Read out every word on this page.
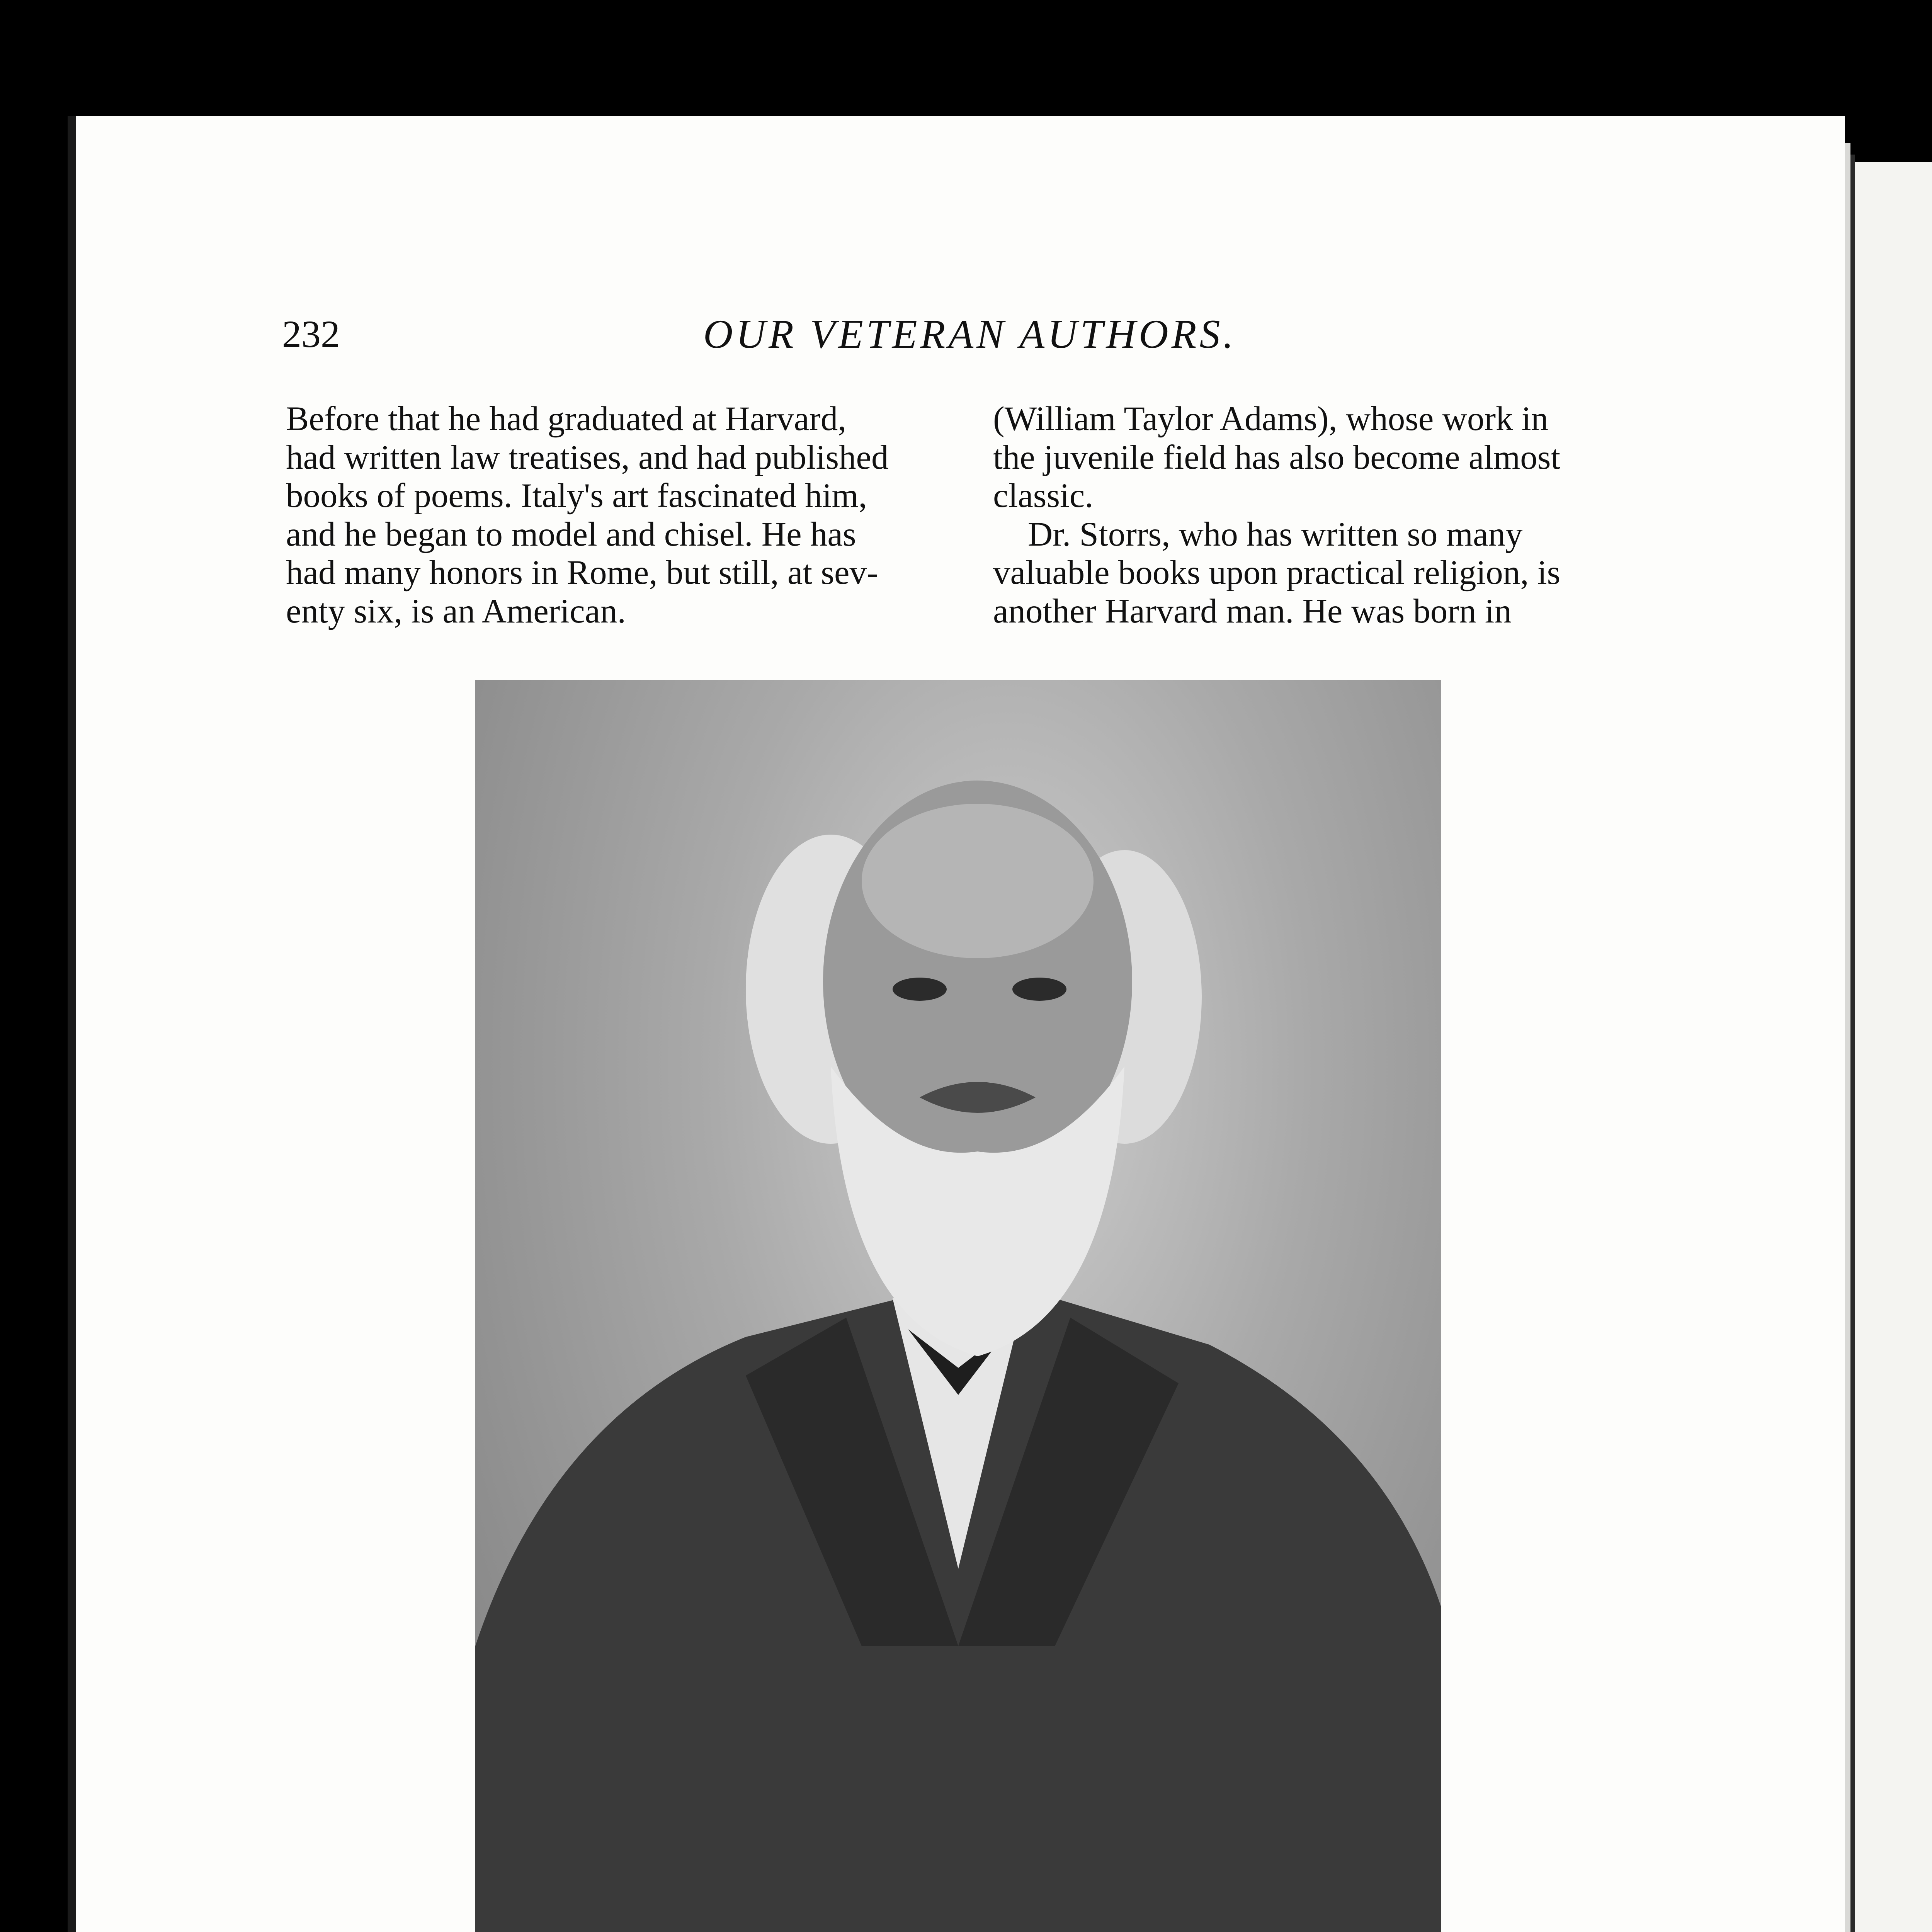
232	OUR VETERAN AUTHORS.

Before that he had graduated at Harvard,

had written law treatises, and had published

books of poems. Italy's art fascinated him,

and he began to model and chisel. He has

had many honors in Rome, but still, at sev-

enty six, is an American.

(William Taylor Adams), whose work in

the juvenile field has also become almost

classic.

Dr. Storrs, who has written so many

valuable books upon practical religion, is

another Harvard man. He was born in
